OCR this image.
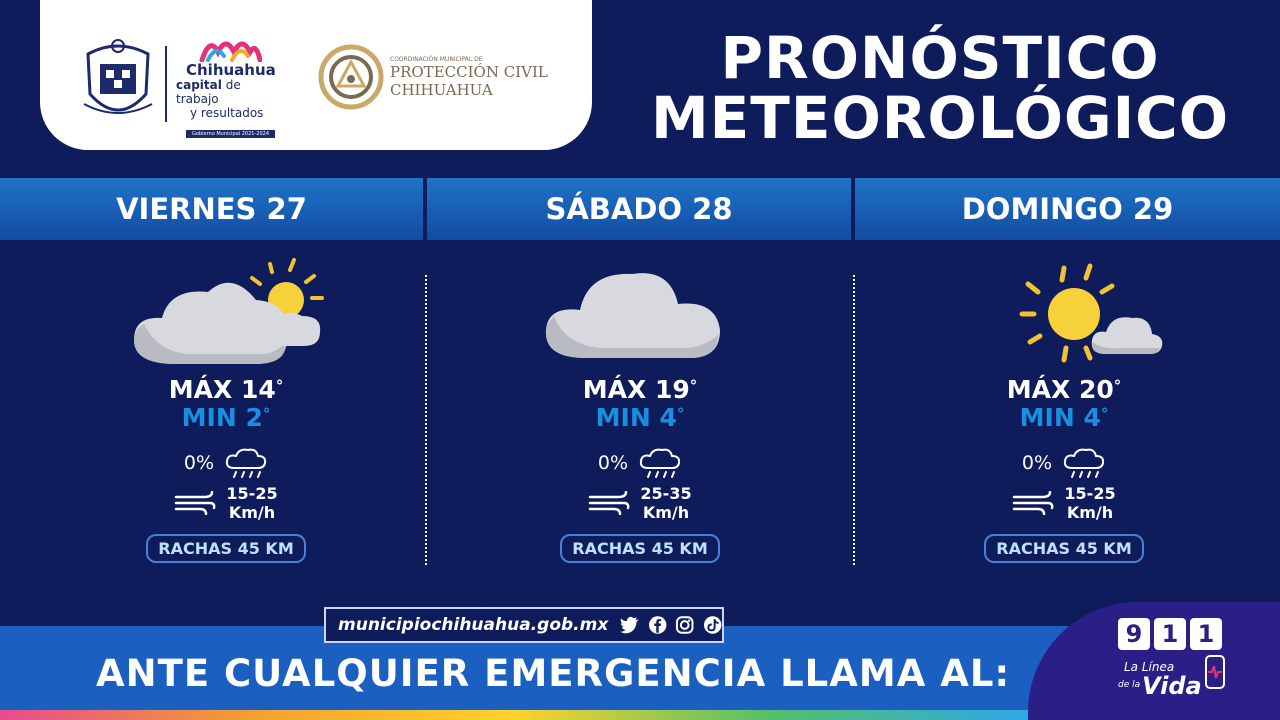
Chihuahua
capital de trabajo
y resultados
Gobierno Municipal 2021-2024
COORDINACIÓN MUNICIPAL DE
PROTECCIÓN CIVIL
CHIHUAHUA	PRONÓSTICO
METEOROLÓGICO
VIERNES 27	SÁBADO 28	DOMINGO 29
MÁX 14°
MIN 2°
0%
15-25
Km/h
RACHAS 45 KM
MÁX 19°
MIN 4°
0%
25-35
Km/h
RACHAS 45 KM
MÁX 20°
MIN 4°
0%
15-25
Km/h
RACHAS 45 KM
municipiochihuahua.gob.mx
ANTE CUALQUIER EMERGENCIA LLAMA AL:
9 1 1
La Línea
de la Vida
